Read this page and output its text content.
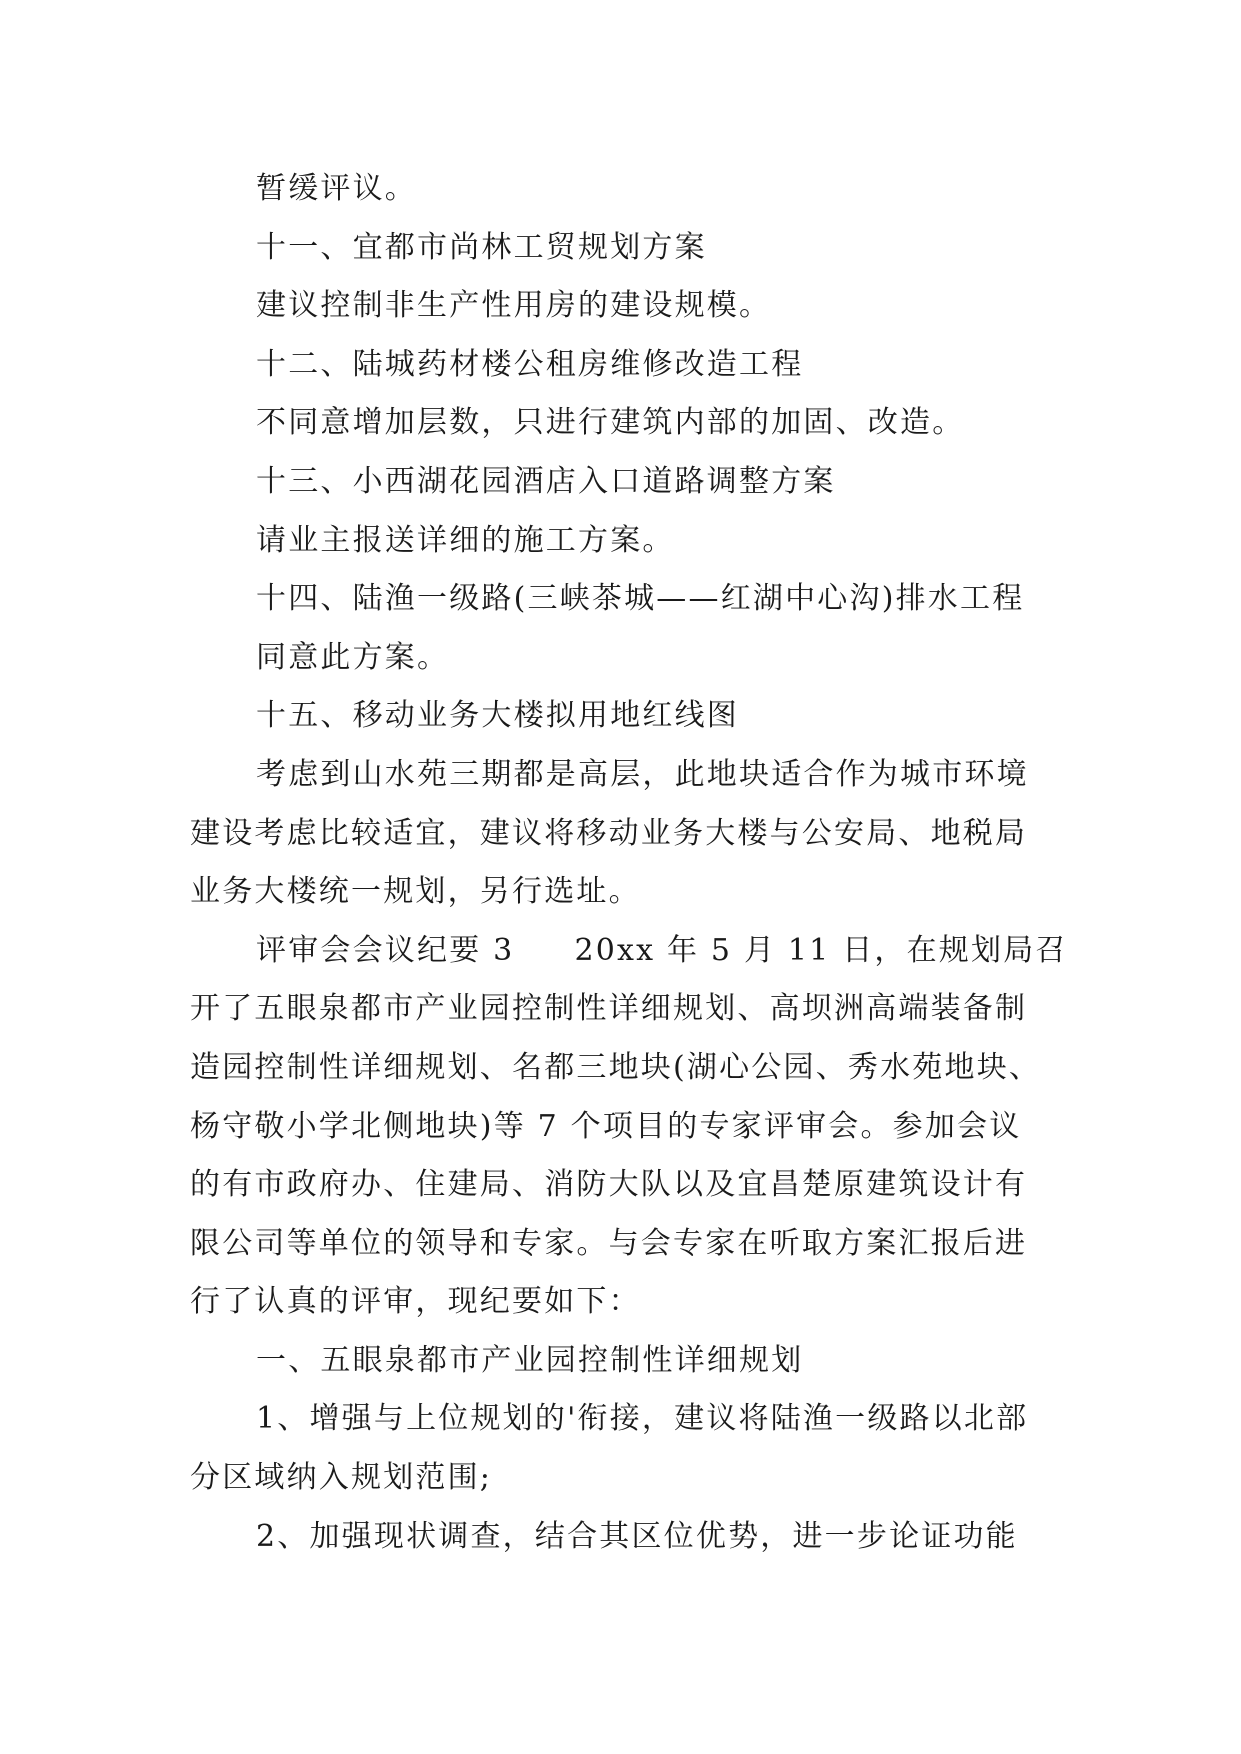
暂缓评议。
十一、宜都市尚林工贸规划方案
建议控制非生产性用房的建设规模。
十二、陆城药材楼公租房维修改造工程
不同意增加层数，只进行建筑内部的加固、改造。
十三、小西湖花园酒店入口道路调整方案
请业主报送详细的施工方案。
十四、陆渔一级路(三峡茶城——红湖中心沟)排水工程
同意此方案。
十五、移动业务大楼拟用地红线图
考虑到山水苑三期都是高层，此地块适合作为城市环境
建设考虑比较适宜，建议将移动业务大楼与公安局、地税局
业务大楼统一规划，另行选址。
评审会会议纪要 3 20xx 年 5 月 11 日，在规划局召
开了五眼泉都市产业园控制性详细规划、高坝洲高端装备制
造园控制性详细规划、名都三地块(湖心公园、秀水苑地块、
杨守敬小学北侧地块)等 7 个项目的专家评审会。参加会议
的有市政府办、住建局、消防大队以及宜昌楚原建筑设计有
限公司等单位的领导和专家。与会专家在听取方案汇报后进
行了认真的评审，现纪要如下：
一、五眼泉都市产业园控制性详细规划
1、增强与上位规划的'衔接，建议将陆渔一级路以北部
分区域纳入规划范围;
2、加强现状调查，结合其区位优势，进一步论证功能
